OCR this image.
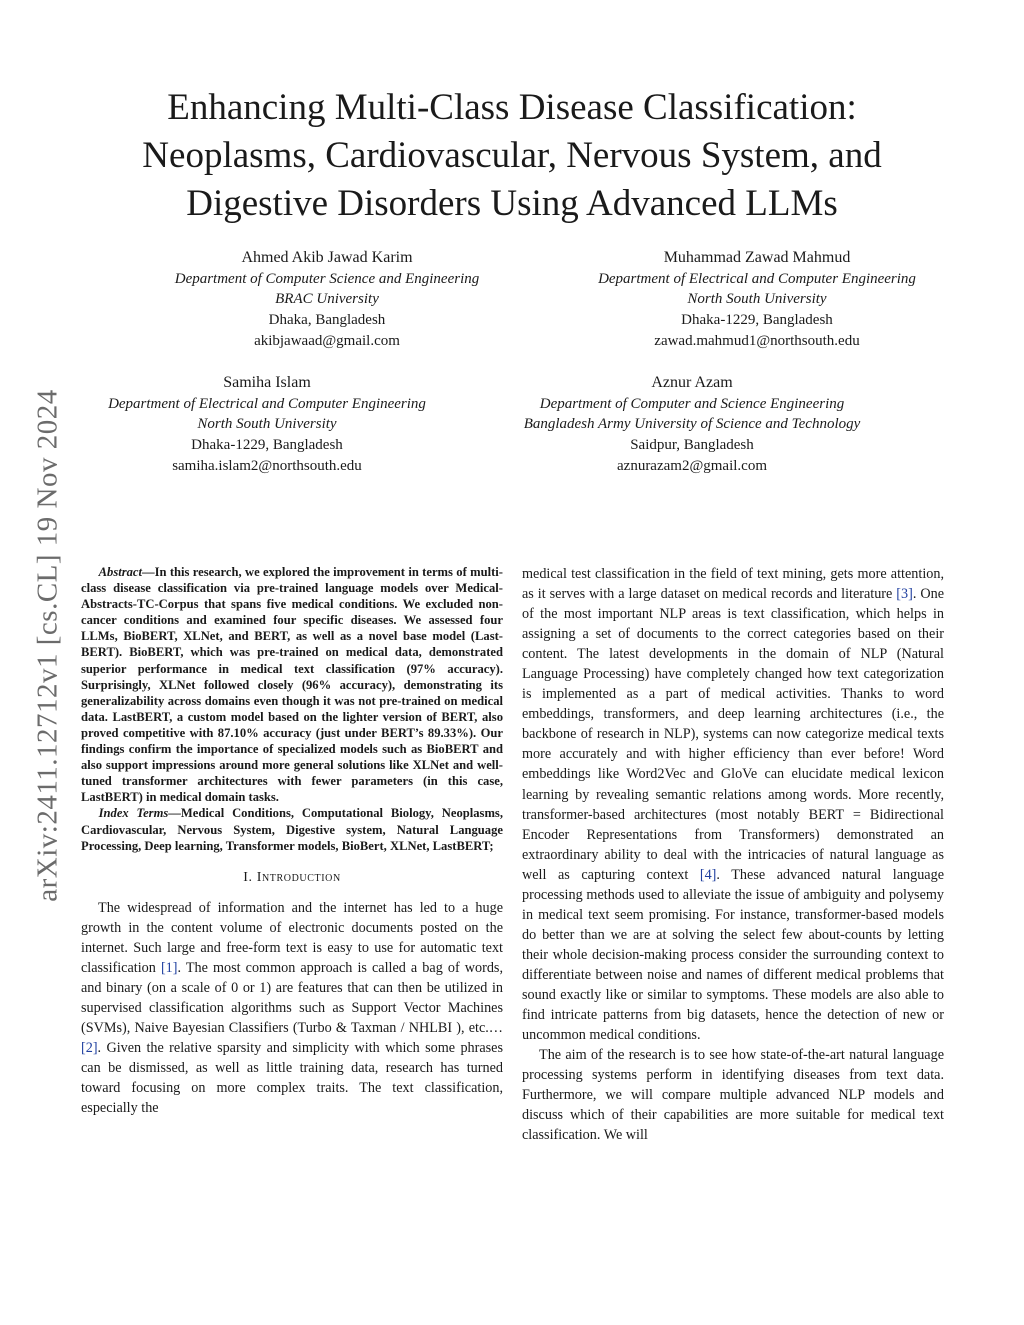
arXiv:2411.12712v1 [cs.CL] 19 Nov 2024
Enhancing Multi-Class Disease Classification:
Neoplasms, Cardiovascular, Nervous System, and
Digestive Disorders Using Advanced LLMs
Ahmed Akib Jawad Karim
Department of Computer Science and Engineering
BRAC University
Dhaka, Bangladesh
akibjawaad@gmail.com
Muhammad Zawad Mahmud
Department of Electrical and Computer Engineering
North South University
Dhaka-1229, Bangladesh
zawad.mahmud1@northsouth.edu
Samiha Islam
Department of Electrical and Computer Engineering
North South University
Dhaka-1229, Bangladesh
samiha.islam2@northsouth.edu
Aznur Azam
Department of Computer and Science Engineering
Bangladesh Army University of Science and Technology
Saidpur, Bangladesh
aznurazam2@gmail.com

Abstract—In this research, we explored the improvement in terms of multi-class disease classification via pre-trained language models over Medical-Abstracts-TC-Corpus that spans five medical conditions. We excluded non-cancer conditions and examined four specific diseases. We assessed four LLMs, BioBERT, XLNet, and BERT, as well as a novel base model (Last-BERT). BioBERT, which was pre-trained on medical data, demonstrated superior performance in medical text classification (97% accuracy). Surprisingly, XLNet followed closely (96% accuracy), demonstrating its generalizability across domains even though it was not pre-trained on medical data. LastBERT, a custom model based on the lighter version of BERT, also proved competitive with 87.10% accuracy (just under BERT’s 89.33%). Our findings confirm the importance of specialized models such as BioBERT and also support impressions around more general solutions like XLNet and well-tuned transformer architectures with fewer parameters (in this case, LastBERT) in medical domain tasks.

Index Terms—Medical Conditions, Computational Biology, Neoplasms, Cardiovascular, Nervous System, Digestive system, Natural Language Processing, Deep learning, Transformer models, BioBert, XLNet, LastBERT;

I. Introduction

The widespread of information and the internet has led to a huge growth in the content volume of electronic documents posted on the internet. Such large and free-form text is easy to use for automatic text classification [1]. The most common approach is called a bag of words, and binary (on a scale of 0 or 1) are features that can then be utilized in supervised classification algorithms such as Support Vector Machines (SVMs), Naive Bayesian Classifiers (Turbo & Taxman / NHLBI ), etc.… [2]. Given the relative sparsity and simplicity with which some phrases can be dismissed, as well as little training data, research has turned toward focusing on more complex traits. The text classification, especially the

medical test classification in the field of text mining, gets more attention, as it serves with a large dataset on medical records and literature [3]. One of the most important NLP areas is text classification, which helps in assigning a set of documents to the correct categories based on their content. The latest developments in the domain of NLP (Natural Language Processing) have completely changed how text categorization is implemented as a part of medical activities. Thanks to word embeddings, transformers, and deep learning architectures (i.e., the backbone of research in NLP), systems can now categorize medical texts more accurately and with higher efficiency than ever before! Word embeddings like Word2Vec and GloVe can elucidate medical lexicon learning by revealing semantic relations among words. More recently, transformer-based architectures (most notably BERT = Bidirectional Encoder Representations from Transformers) demonstrated an extraordinary ability to deal with the intricacies of natural language as well as capturing context [4]. These advanced natural language processing methods used to alleviate the issue of ambiguity and polysemy in medical text seem promising. For instance, transformer-based models do better than we are at solving the select few about-counts by letting their whole decision-making process consider the surrounding context to differentiate between noise and names of different medical problems that sound exactly like or similar to symptoms. These models are also able to find intricate patterns from big datasets, hence the detection of new or uncommon medical conditions.

The aim of the research is to see how state-of-the-art natural language processing systems perform in identifying diseases from text data. Furthermore, we will compare multiple advanced NLP models and discuss which of their capabilities are more suitable for medical text classification. We will
